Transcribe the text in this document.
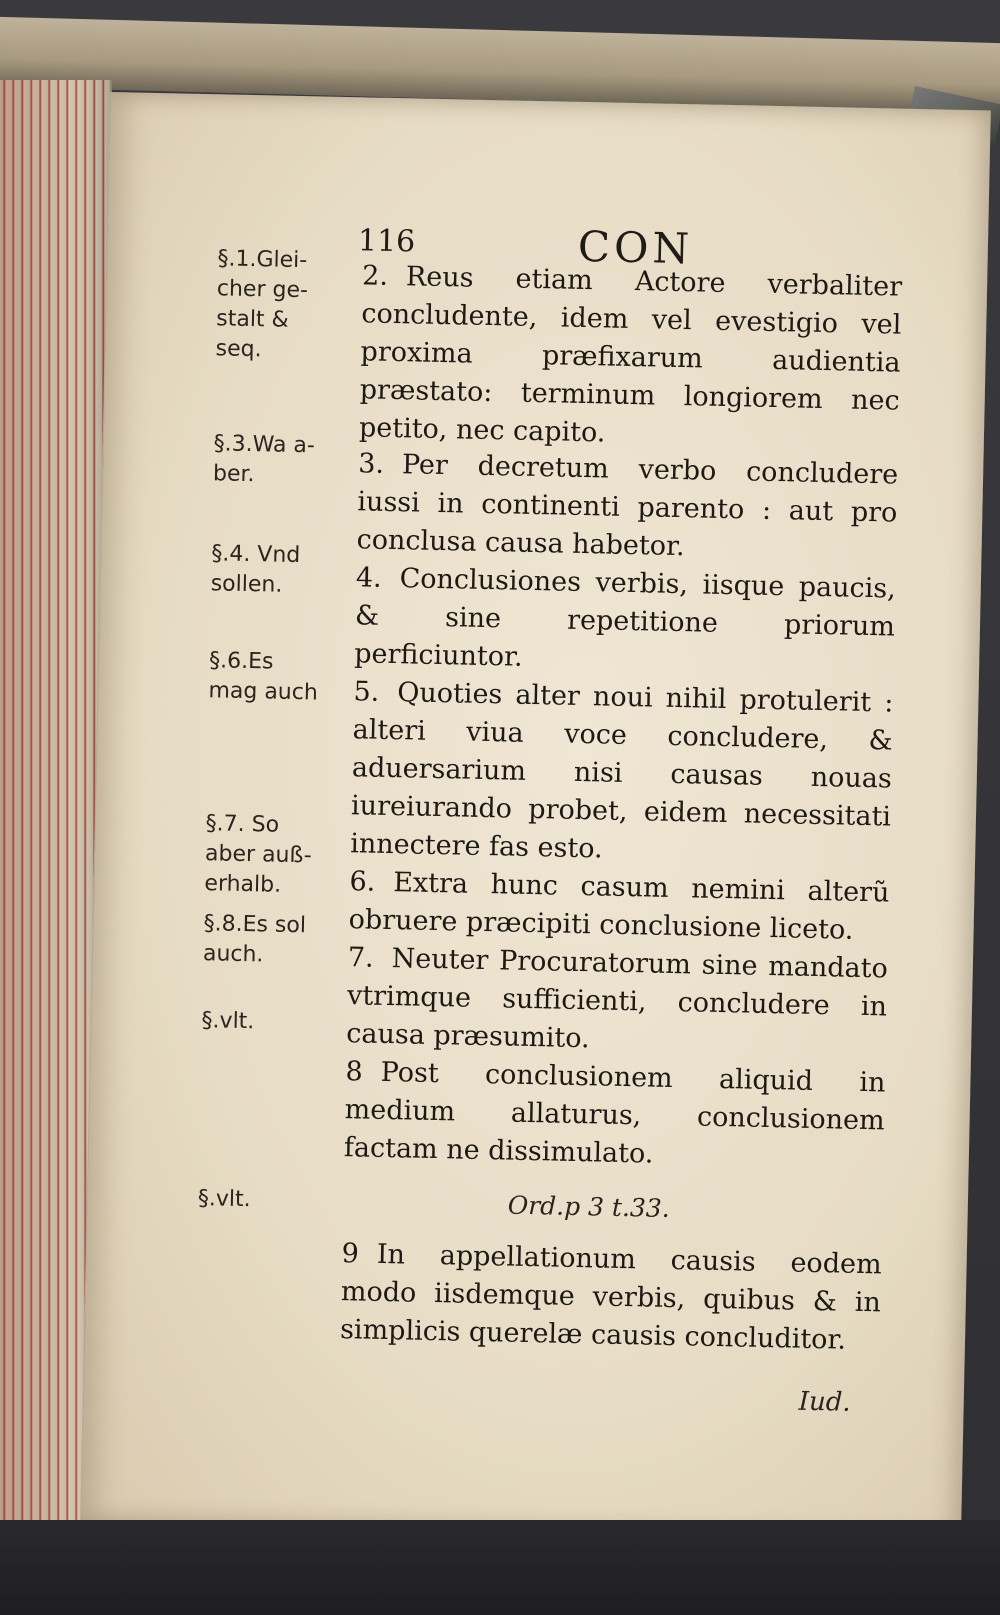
116	CON
§.1.Glei-
cher ge-
stalt &
seq.
§.3.Wa a-
ber.
§.4. Vnd
sollen.
§.6.Es
mag auch
§.7. So
aber auß-
erhalb.
§.8.Es sol
auch.
§.vlt.
§.vlt.
2. Reus etiam Actore verbaliter concludente, idem vel evestigio vel proxima præfixarum audientia præstato: terminum longiorem nec petito, nec capito.
3. Per decretum verbo concludere iussi in continenti parento : aut pro conclusa causa habetor.
4. Conclusiones verbis, iisque paucis, & sine repetitione priorum perficiuntor.
5. Quoties alter noui nihil protulerit : alteri viua voce concludere, & aduersarium nisi causas nouas iureiurando probet, eidem necessitati innectere fas esto.
6. Extra hunc casum nemini alterũ obruere præcipiti conclusione liceto.
7. Neuter Procuratorum sine mandato vtrimque sufficienti, concludere in causa præsumito.
8 Post conclusionem aliquid in medium allaturus, conclusionem factam ne dissimulato.
Ord.p 3 t.33.
9 In appellationum causis eodem modo iisdemque verbis, quibus & in simplicis querelæ causis concluditor.
Iud.
